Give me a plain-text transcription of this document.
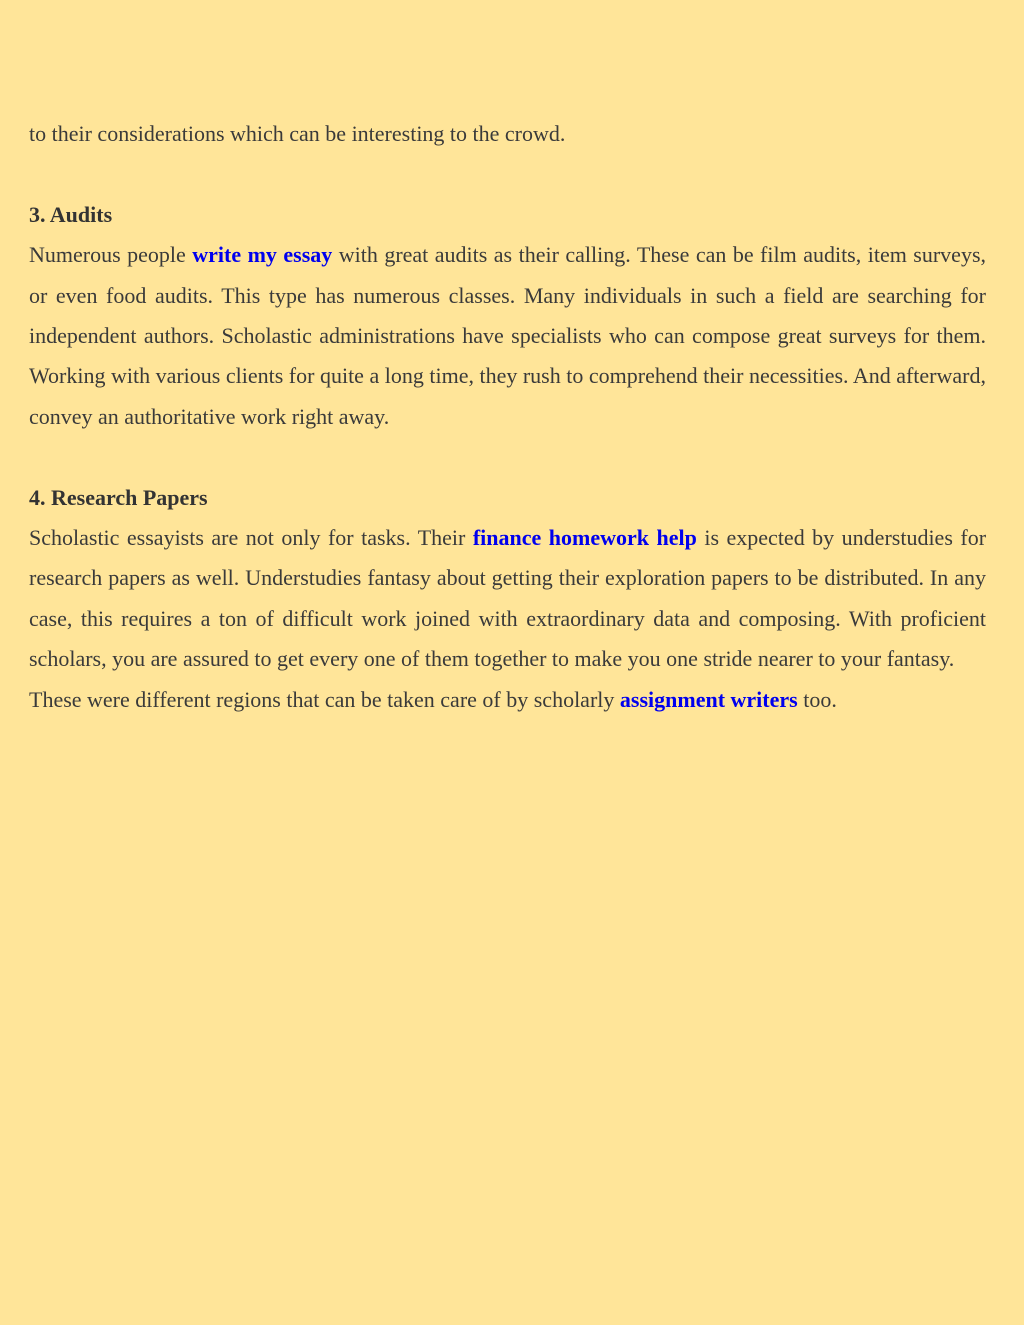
to their considerations which can be interesting to the crowd.

3. Audits

Numerous people write my essay with great audits as their calling. These can be film audits, item surveys, or even food audits. This type has numerous classes. Many individuals in such a field are searching for independent authors. Scholastic administrations have specialists who can compose great surveys for them. Working with various clients for quite a long time, they rush to comprehend their necessities. And afterward, convey an authoritative work right away.

4. Research Papers

Scholastic essayists are not only for tasks. Their finance homework help is expected by understudies for research papers as well. Understudies fantasy about getting their exploration papers to be distributed. In any case, this requires a ton of difficult work joined with extraordinary data and composing. With proficient scholars, you are assured to get every one of them together to make you one stride nearer to your fantasy.

These were different regions that can be taken care of by scholarly assignment writers too.
